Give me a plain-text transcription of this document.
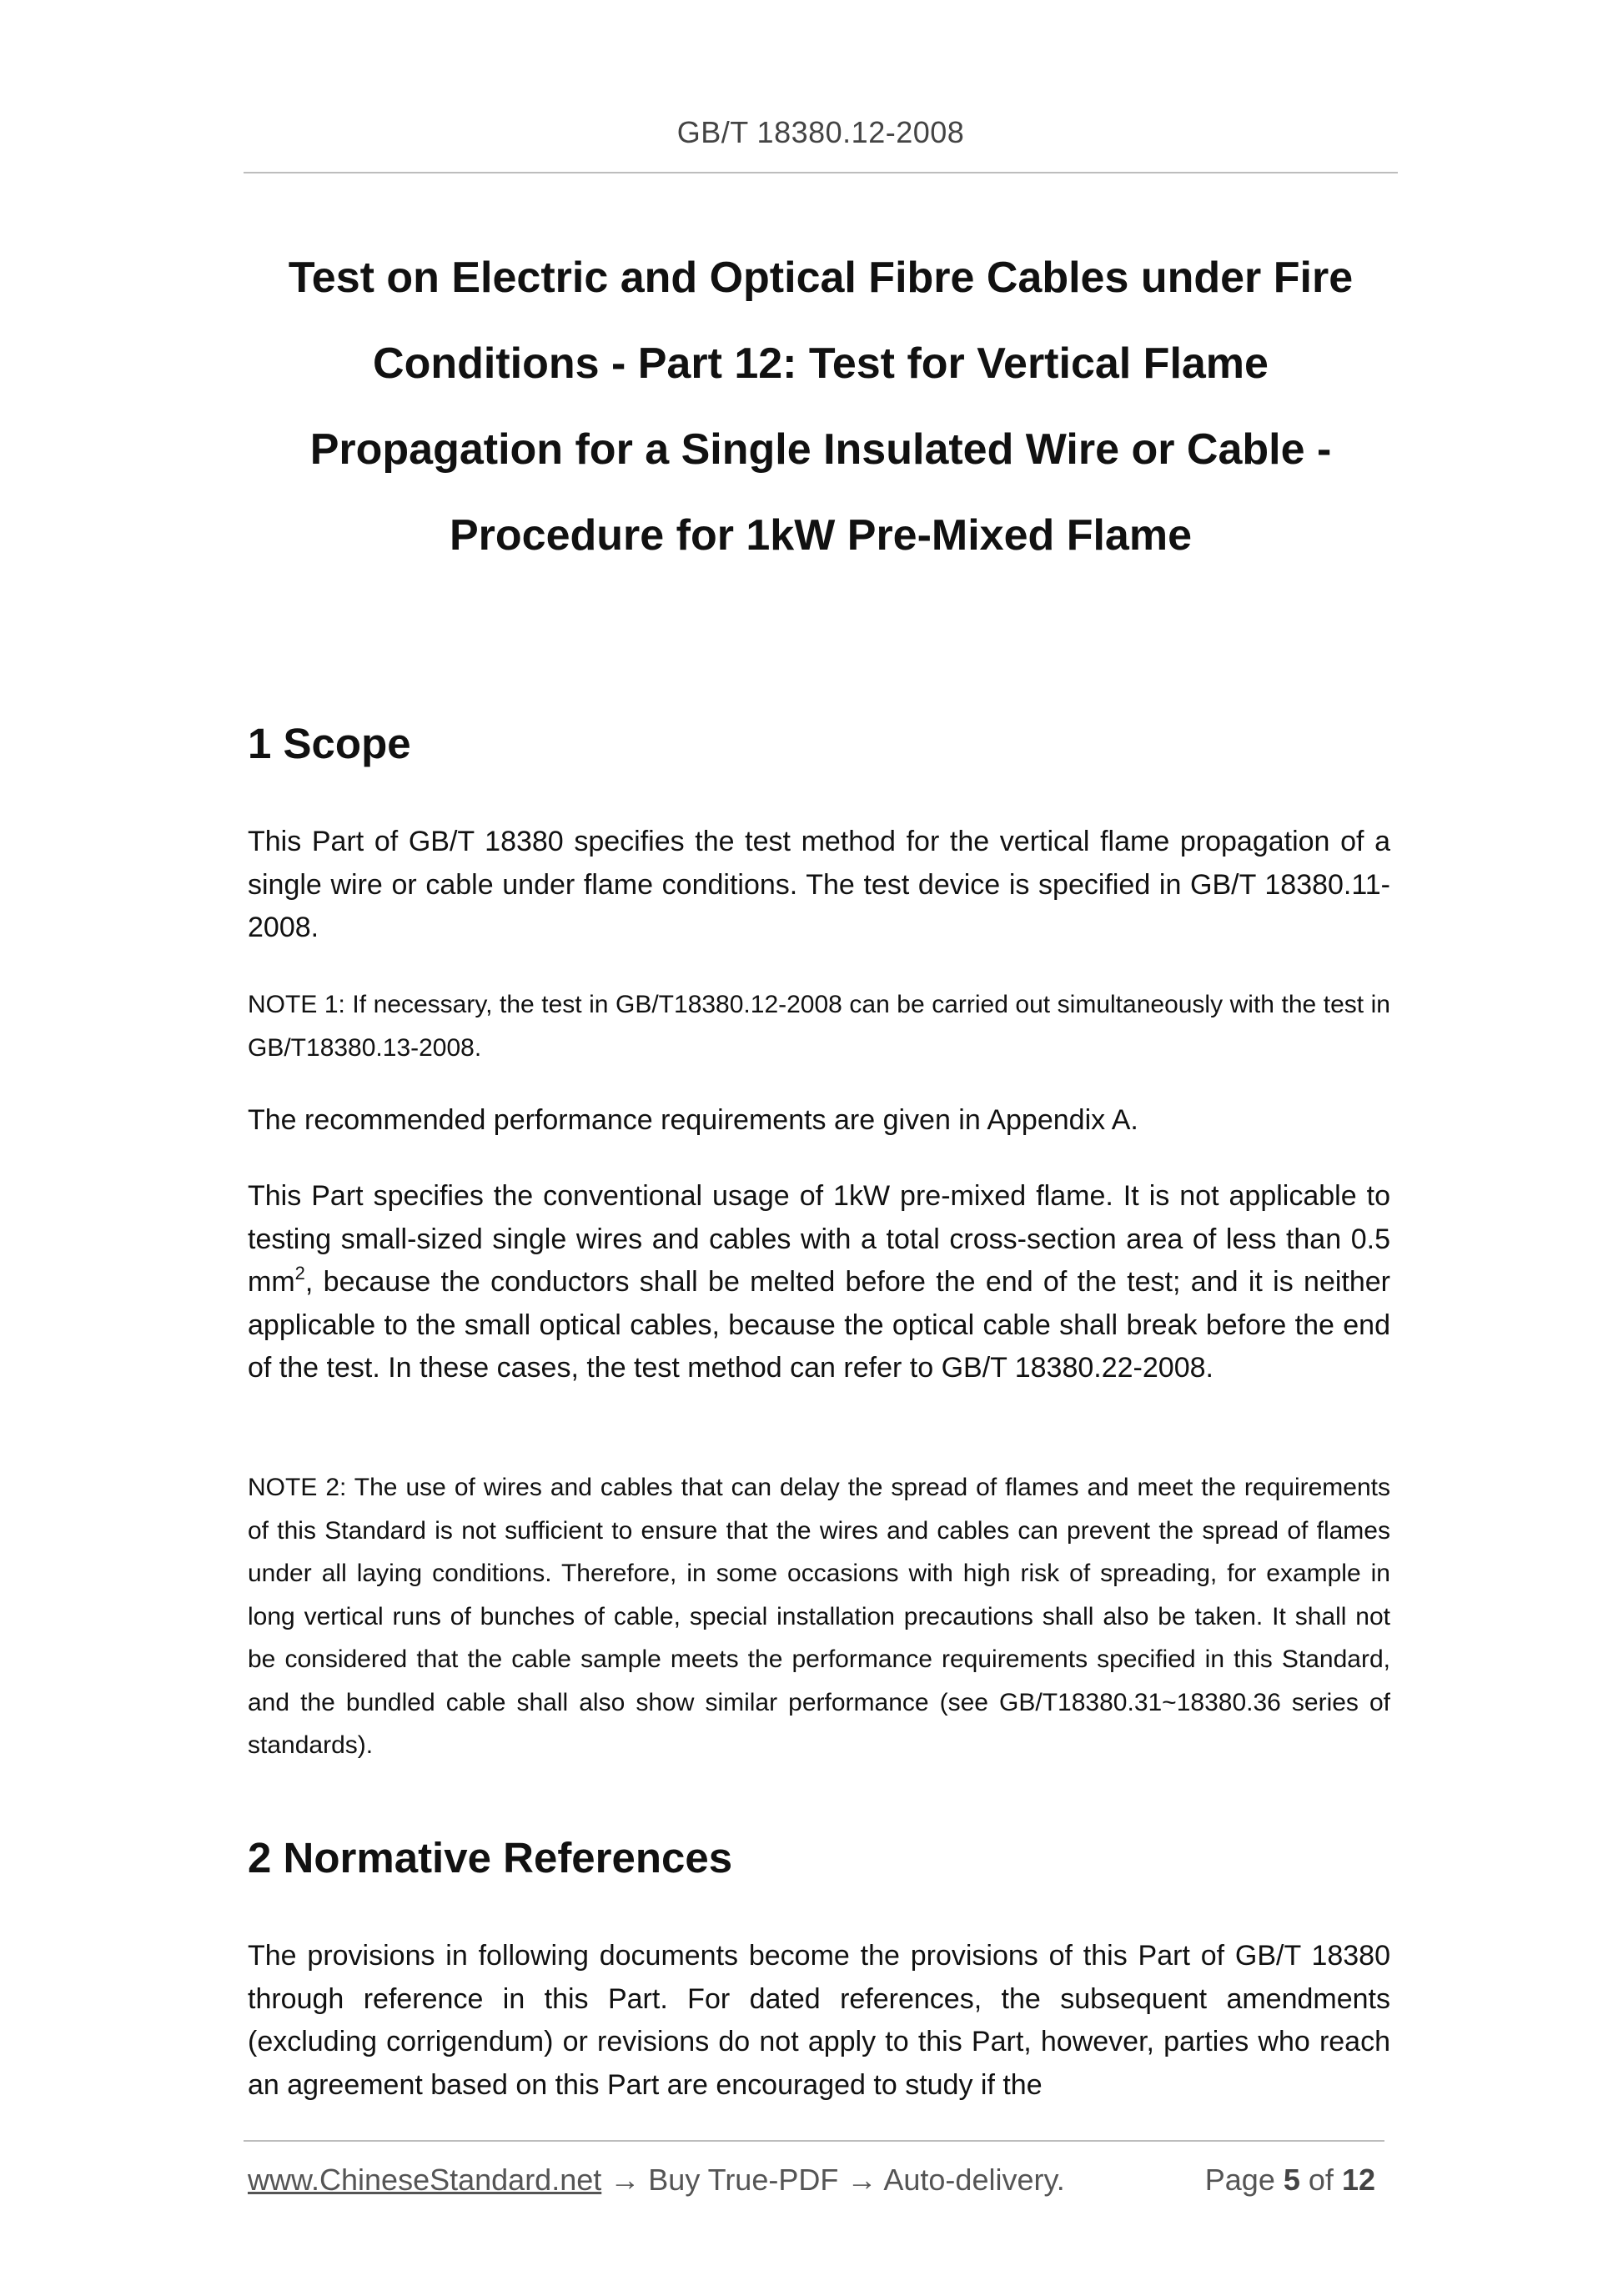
GB/T 18380.12-2008
Test on Electric and Optical Fibre Cables under Fire
Conditions - Part 12: Test for Vertical Flame
Propagation for a Single Insulated Wire or Cable -
Procedure for 1kW Pre-Mixed Flame
1 Scope

This Part of GB/T 18380 specifies the test method for the vertical flame propagation of a single wire or cable under flame conditions. The test device is specified in GB/T 18380.11-2008.

NOTE 1: If necessary, the test in GB/T18380.12-2008 can be carried out simultaneously with the test in GB/T18380.13-2008.

The recommended performance requirements are given in Appendix A.

This Part specifies the conventional usage of 1kW pre-mixed flame. It is not applicable to testing small-sized single wires and cables with a total cross-section area of less than 0.5 $mm^2$, because the conductors shall be melted before the end of the test; and it is neither applicable to the small optical cables, because the optical cable shall break before the end of the test. In these cases, the test method can refer to GB/T 18380.22-2008.

NOTE 2: The use of wires and cables that can delay the spread of flames and meet the requirements of this Standard is not sufficient to ensure that the wires and cables can prevent the spread of flames under all laying conditions. Therefore, in some occasions with high risk of spreading, for example in long vertical runs of bunches of cable, special installation precautions shall also be taken. It shall not be considered that the cable sample meets the performance requirements specified in this Standard, and the bundled cable shall also show similar performance (see GB/T18380.31~18380.36 series of standards).

2 Normative References

The provisions in following documents become the provisions of this Part of GB/T 18380 through reference in this Part. For dated references, the subsequent amendments (excluding corrigendum) or revisions do not apply to this Part, however, parties who reach an agreement based on this Part are encouraged to study if the

www.ChineseStandard.net → Buy True-PDF → Auto-delivery.	Page 5 of 12
